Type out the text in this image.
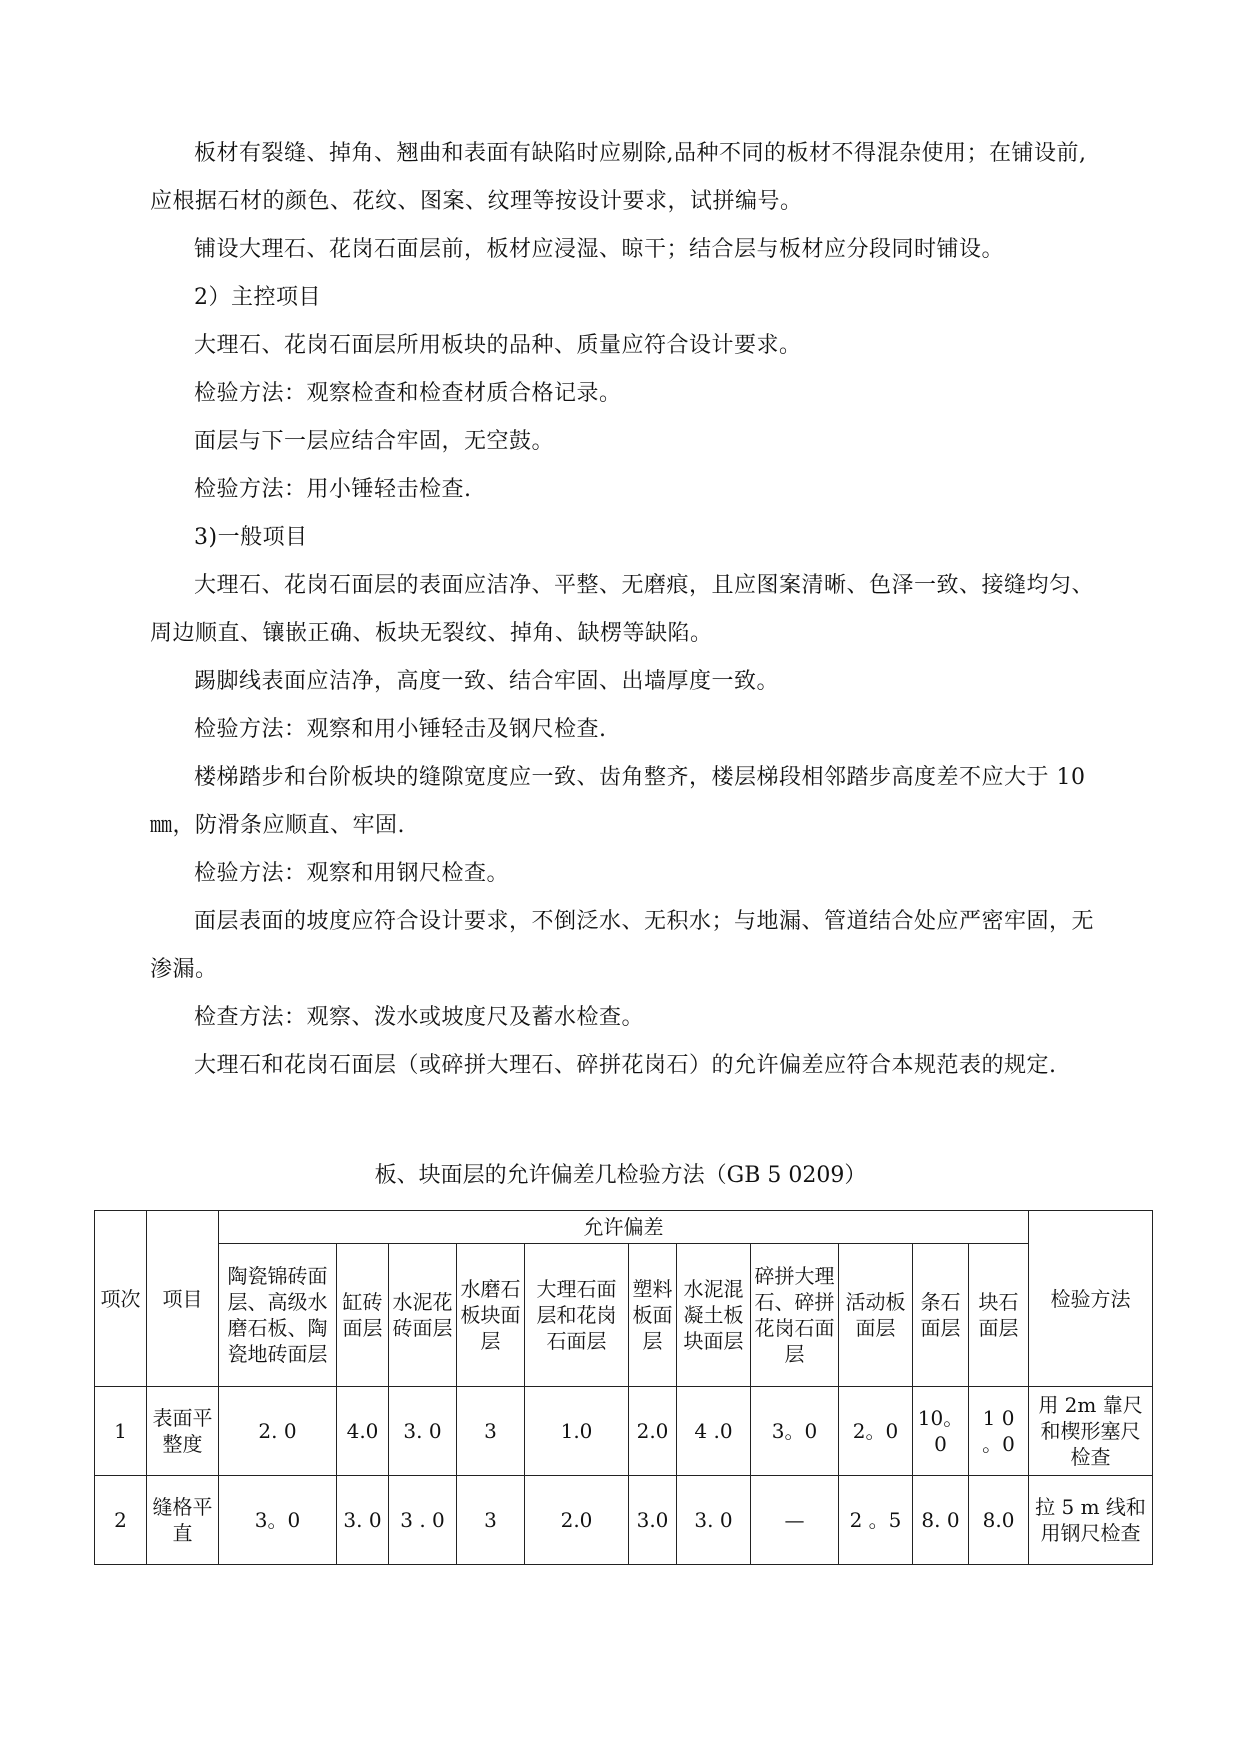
板材有裂缝、掉角、翘曲和表面有缺陷时应剔除,品种不同的板材不得混杂使用；在铺设前,应根据石材的颜色、花纹、图案、纹理等按设计要求，试拼编号。

铺设大理石、花岗石面层前，板材应浸湿、晾干；结合层与板材应分段同时铺设。

2）主控项目

大理石、花岗石面层所用板块的品种、质量应符合设计要求。

检验方法：观察检查和检查材质合格记录。

面层与下一层应结合牢固，无空鼓。

检验方法：用小锤轻击检查.

3)一般项目

大理石、花岗石面层的表面应洁净、平整、无磨痕，且应图案清晰、色泽一致、接缝均匀、周边顺直、镶嵌正确、板块无裂纹、掉角、缺楞等缺陷。

踢脚线表面应洁净，高度一致、结合牢固、出墙厚度一致。

检验方法：观察和用小锤轻击及钢尺检查.

楼梯踏步和台阶板块的缝隙宽度应一致、齿角整齐，楼层梯段相邻踏步高度差不应大于 10㎜，防滑条应顺直、牢固.

检验方法：观察和用钢尺检查。

面层表面的坡度应符合设计要求，不倒泛水、无积水；与地漏、管道结合处应严密牢固，无渗漏。

检查方法：观察、泼水或坡度尺及蓄水检查。

大理石和花岗石面层（或碎拼大理石、碎拼花岗石）的允许偏差应符合本规范表的规定.

板、块面层的允许偏差几检验方法（GB 5 0209）
项次	项目	允许偏差											检验方法
		陶瓷锦砖面层、高级水磨石板、陶瓷地砖面层	缸砖面层	水泥花砖面层	水磨石板块面层	大理石面层和花岗石面层	塑料板面层	水泥混凝土板块面层	碎拼大理石、碎拼花岗石面层	活动板面层	条石面层	块石面层	
1	表面平整度	2. 0	4.0	3. 0	3	1.0	2.0	4 .0	3。0	2。0	10。0	1 0 。0	用 2m 靠尺和楔形塞尺检查
2	缝格平直	3。0	3. 0	3 . 0	3	2.0	3.0	3. 0	—	2 。5	8. 0	8.0	拉 5 m 线和用钢尺检查
